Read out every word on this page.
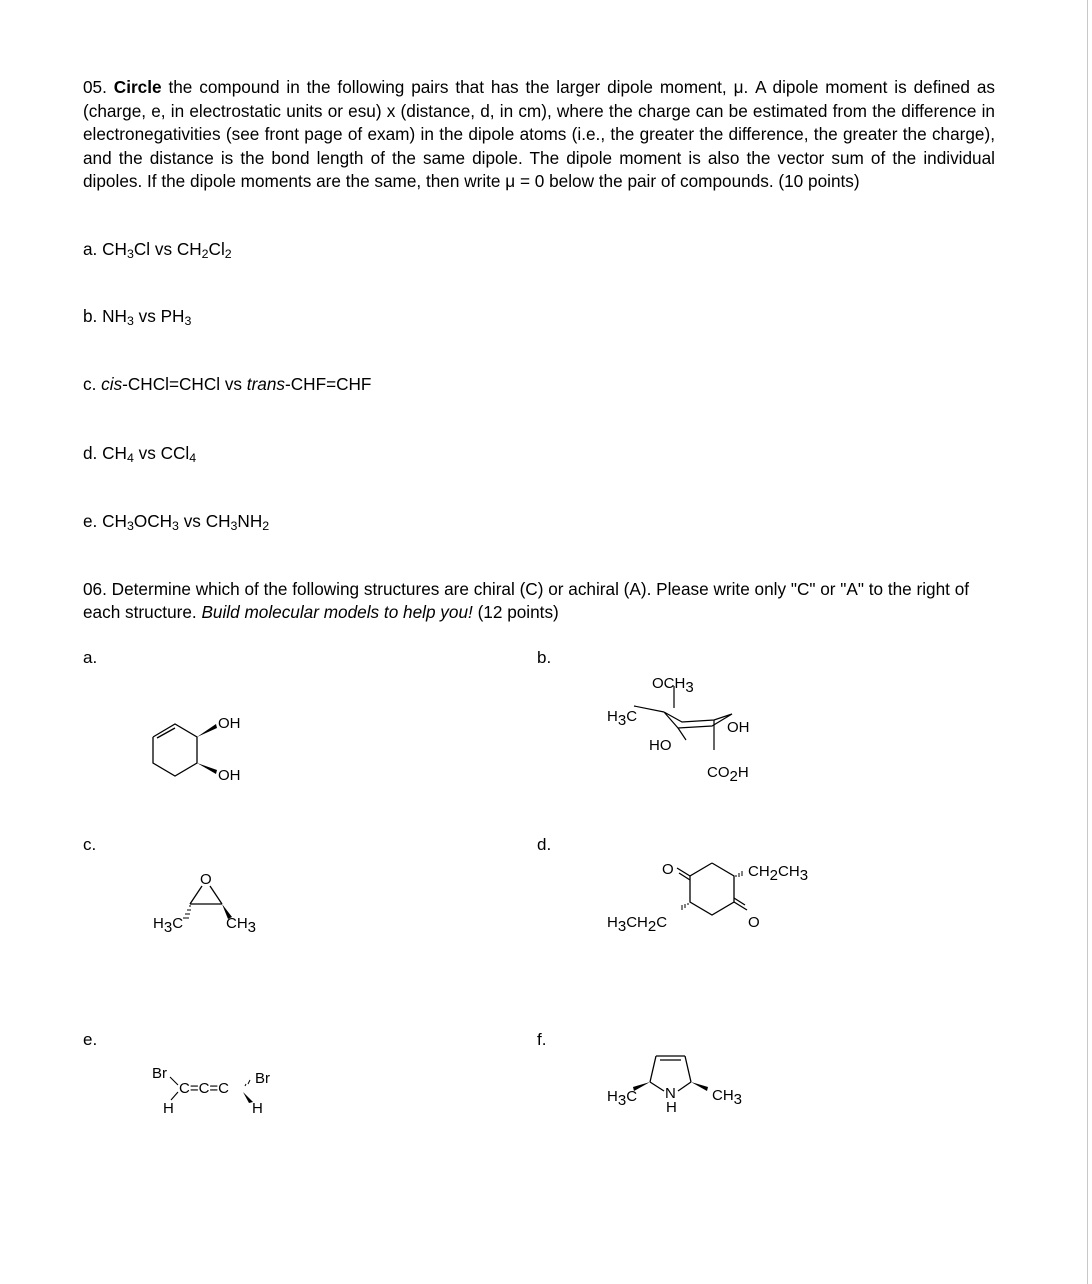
05. Circle the compound in the following pairs that has the larger dipole moment, μ. A dipole moment is defined as (charge, e, in electrostatic units or esu) x (distance, d, in cm), where the charge can be estimated from the difference in electronegativities (see front page of exam) in the dipole atoms (i.e., the greater the difference, the greater the charge), and the distance is the bond length of the same dipole. The dipole moment is also the vector sum of the individual dipoles. If the dipole moments are the same, then write μ = 0 below the pair of compounds. (10 points)
a. $CH_3Cl$ vs $CH_2Cl_2$
b. $NH_3$ vs $PH_3$
c. cis-CHCl=CHCl vs trans-CHF=CHF
d. $CH_4$ vs CCl$_4$
e. $CH_3OCH_3$ vs $CH_3NH_2$
06. Determine which of the following structures are chiral (C) or achiral (A). Please write only "C" or "A" to the right of each structure. Build molecular models to help you! (12 points)
a.	b.
c.	d.
e.	f.
OH
OH
OCH3
H3C
OH
HO
CO2H
O
H3C	CH3
O
O
CH2CH3
H3CH2C
Br
H
C=C=C
Br
H
H3C N
H
CH3
